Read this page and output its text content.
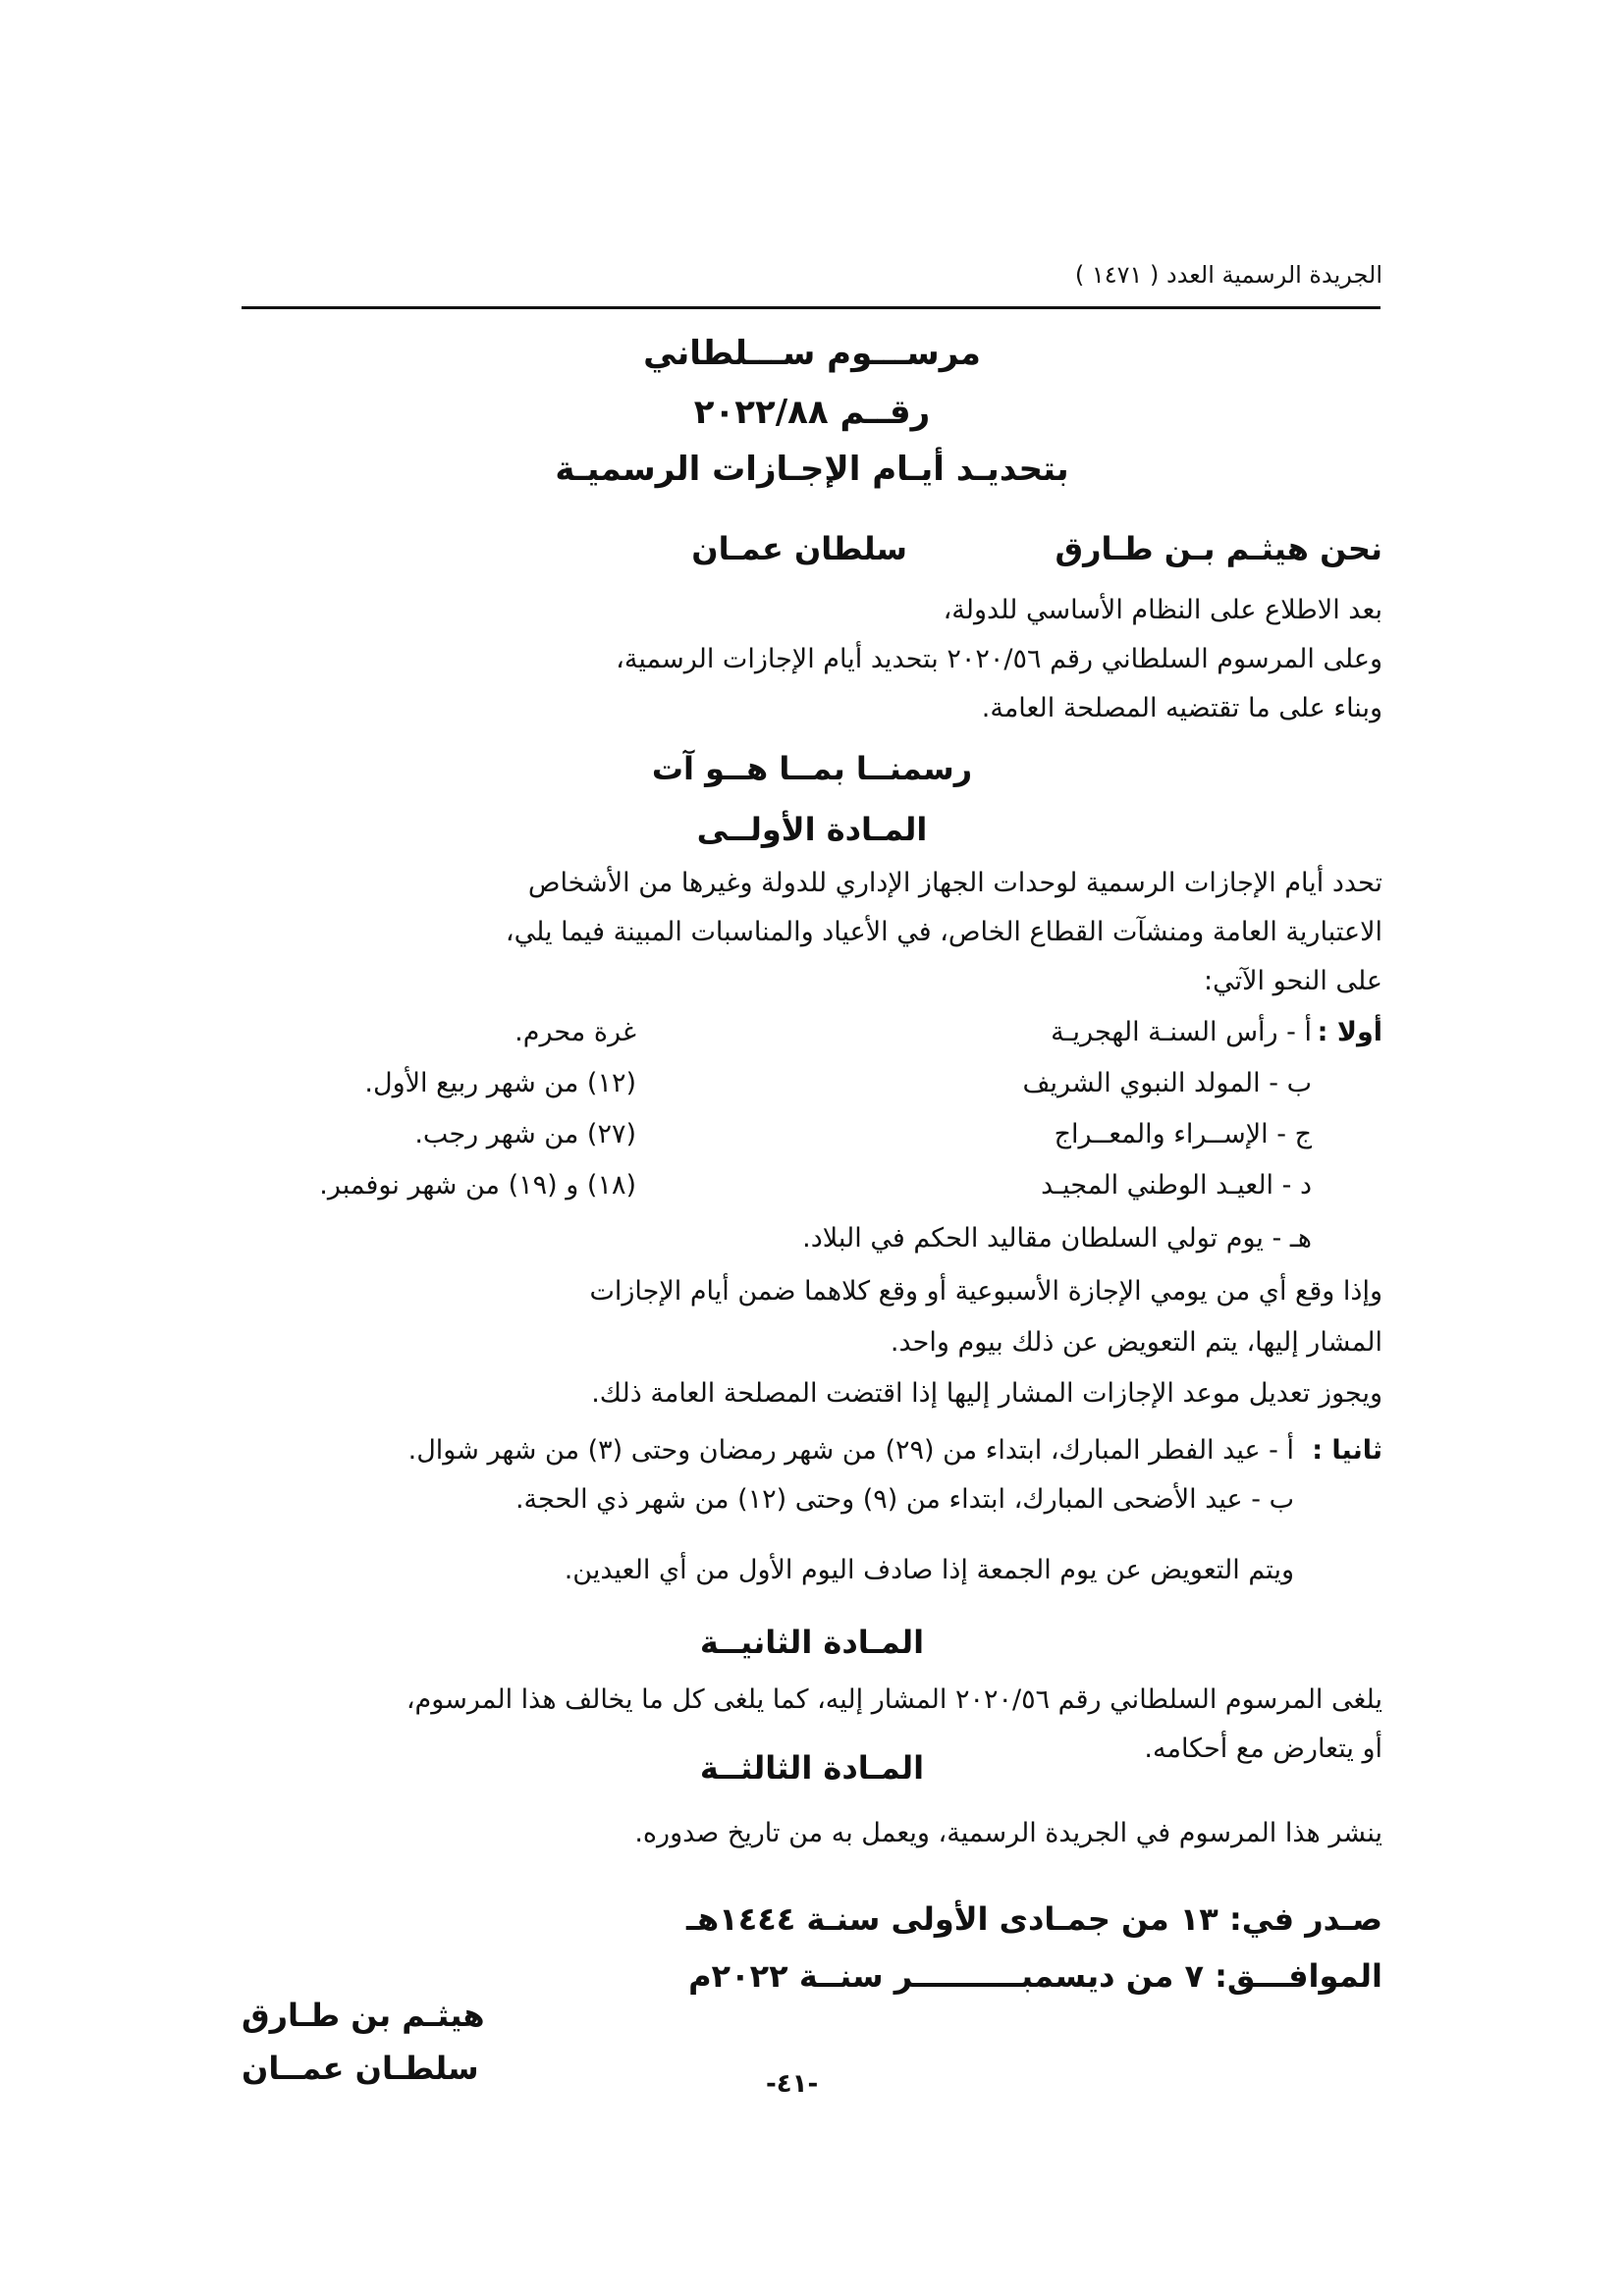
الجريدة الرسمية العدد ( ١٤٧١ )
مرســـوم ســـلطاني
رقــم ٢٠٢٢/٨٨
بتحديـد أيـام الإجـازات الرسميـة
نحن هيثـم بـن طـارق
سلطان عمـان
بعد الاطلاع على النظام الأساسي للدولة،
وعلى المرسوم السلطاني رقم ٢٠٢٠/٥٦ بتحديد أيام الإجازات الرسمية،
وبناء على ما تقتضيه المصلحة العامة.
رسمنــا بمــا هــو آت
المـادة الأولــى
تحدد أيام الإجازات الرسمية لوحدات الجهاز الإداري للدولة وغيرها من الأشخاص
الاعتبارية العامة ومنشآت القطاع الخاص، في الأعياد والمناسبات المبينة فيما يلي،
على النحو الآتي:
أولا :
أ - رأس السنـة الهجريـة
غرة محرم.
ب - المولد النبوي الشريف
(١٢) من شهر ربيع الأول.
ج - الإســراء والمعــراج
(٢٧) من شهر رجب.
د - العيـد الوطني المجيـد
(١٨) و (١٩) من شهر نوفمبر.
هـ - يوم تولي السلطان مقاليد الحكم في البلاد.
وإذا وقع أي من يومي الإجازة الأسبوعية أو وقع كلاهما ضمن أيام الإجازات
المشار إليها، يتم التعويض عن ذلك بيوم واحد.
ويجوز تعديل موعد الإجازات المشار إليها إذا اقتضت المصلحة العامة ذلك.
ثانيا :
أ - عيد الفطر المبارك، ابتداء من (٢٩) من شهر رمضان وحتى (٣) من شهر شوال.
ب - عيد الأضحى المبارك، ابتداء من (٩) وحتى (١٢) من شهر ذي الحجة.
ويتم التعويض عن يوم الجمعة إذا صادف اليوم الأول من أي العيدين.
المـادة الثانيــة
يلغى المرسوم السلطاني رقم ٢٠٢٠/٥٦ المشار إليه، كما يلغى كل ما يخالف هذا المرسوم،
أو يتعارض مع أحكامه.
المـادة الثالثــة
ينشر هذا المرسوم في الجريدة الرسمية، ويعمل به من تاريخ صدوره.
صـدر في: ١٣ من جمـادى الأولى سنـة ١٤٤٤هـ
الموافـــق: ٧ من ديسمبــــــــــر سنــة ٢٠٢٢م
هيثـم بن طـارق
سلطـان عمــان	-٤١-
